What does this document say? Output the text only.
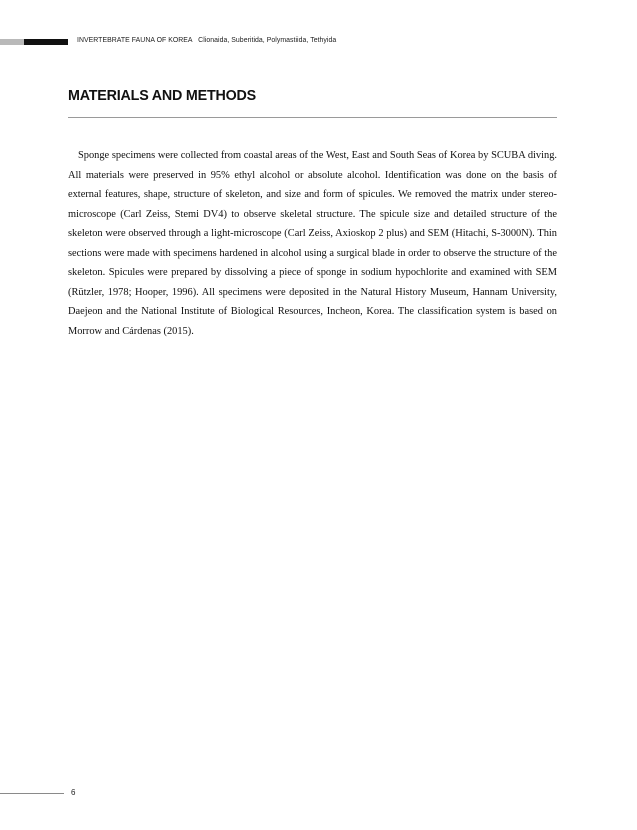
INVERTEBRATE FAUNA OF KOREA Clionaida, Suberitida, Polymastiida, Tethyida
MATERIALS AND METHODS

Sponge specimens were collected from coastal areas of the West, East and South Seas of Korea by SCUBA diving. All materials were preserved in 95% ethyl alcohol or absolute alcohol. Identification was done on the basis of external features, shape, structure of skeleton, and size and form of spicules. We removed the matrix under stereo-microscope (Carl Zeiss, Stemi DV4) to observe skeletal structure. The spicule size and detailed structure of the skeleton were observed through a light-microscope (Carl Zeiss, Axioskop 2 plus) and SEM (Hitachi, S-3000N). Thin sections were made with specimens hardened in alcohol using a surgical blade in order to observe the structure of the skeleton. Spicules were prepared by dissolving a piece of sponge in sodium hypochlorite and examined with SEM (Rützler, 1978; Hooper, 1996). All specimens were deposited in the Natural History Museum, Hannam University, Daejeon and the National Institute of Biological Resources, Incheon, Korea. The classification system is based on Morrow and Cárdenas (2015).

6
